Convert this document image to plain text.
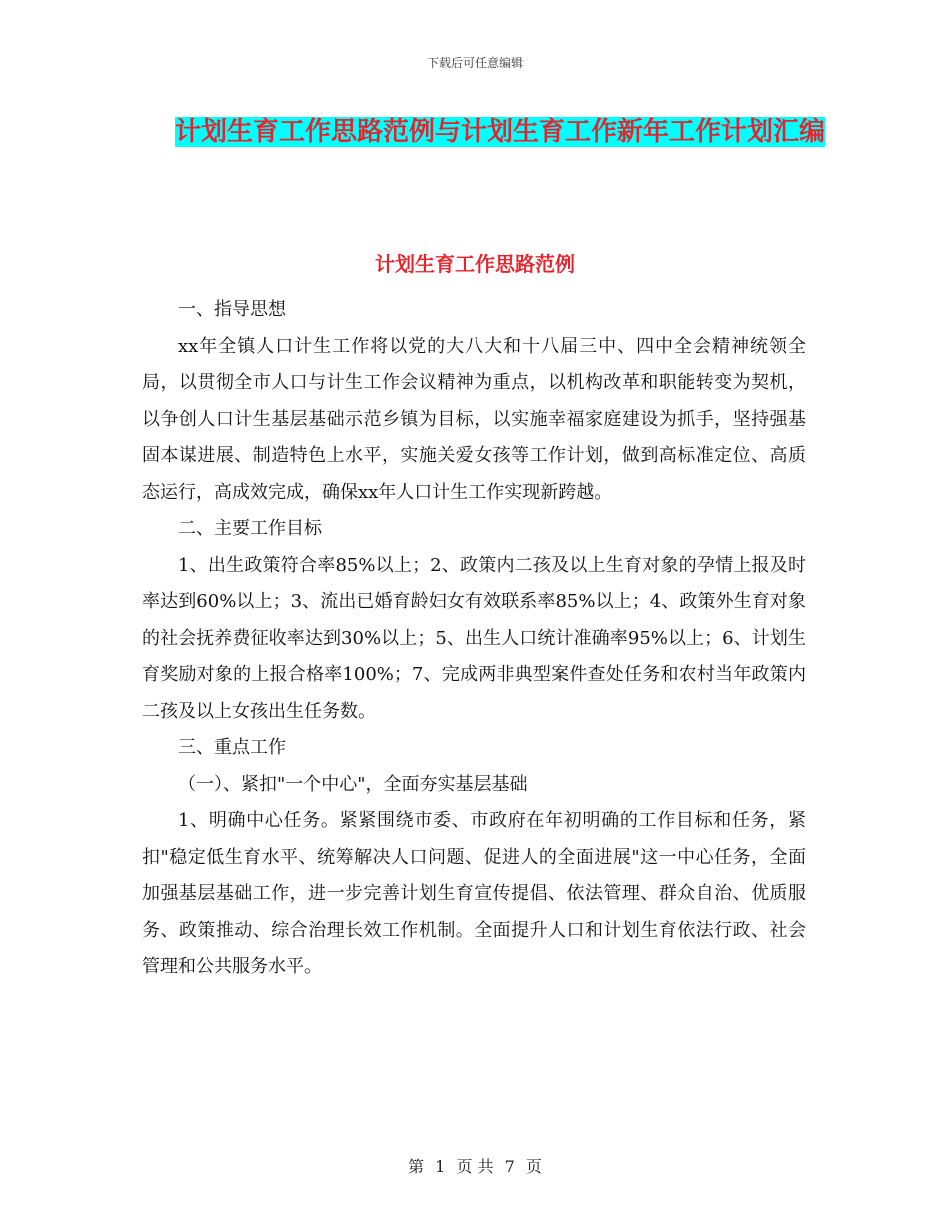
下载后可任意编辑
计划生育工作思路范例与计划生育工作新年工作计划汇编
计划生育工作思路范例

一、指导思想

xx年全镇人口计生工作将以党的大八大和十八届三中、四中全会精神统领全局，以贯彻全市人口与计生工作会议精神为重点，以机构改革和职能转变为契机，以争创人口计生基层基础示范乡镇为目标，以实施幸福家庭建设为抓手，坚持强基固本谋进展、制造特色上水平，实施关爱女孩等工作计划，做到高标准定位、高质态运行，高成效完成，确保xx年人口计生工作实现新跨越。

二、主要工作目标

1、出生政策符合率85%以上；2、政策内二孩及以上生育对象的孕情上报及时率达到60%以上；3、流出已婚育龄妇女有效联系率85%以上；4、政策外生育对象的社会抚养费征收率达到30%以上；5、出生人口统计准确率95%以上；6、计划生育奖励对象的上报合格率100%；7、完成两非典型案件查处任务和农村当年政策内二孩及以上女孩出生任务数。

三、重点工作

（一）、紧扣"一个中心"，全面夯实基层基础

1、明确中心任务。紧紧围绕市委、市政府在年初明确的工作目标和任务，紧扣"稳定低生育水平、统筹解决人口问题、促进人的全面进展"这一中心任务，全面加强基层基础工作，进一步完善计划生育宣传提倡、依法管理、群众自治、优质服务、政策推动、综合治理长效工作机制。全面提升人口和计划生育依法行政、社会管理和公共服务水平。

第 1 页 共 7 页
